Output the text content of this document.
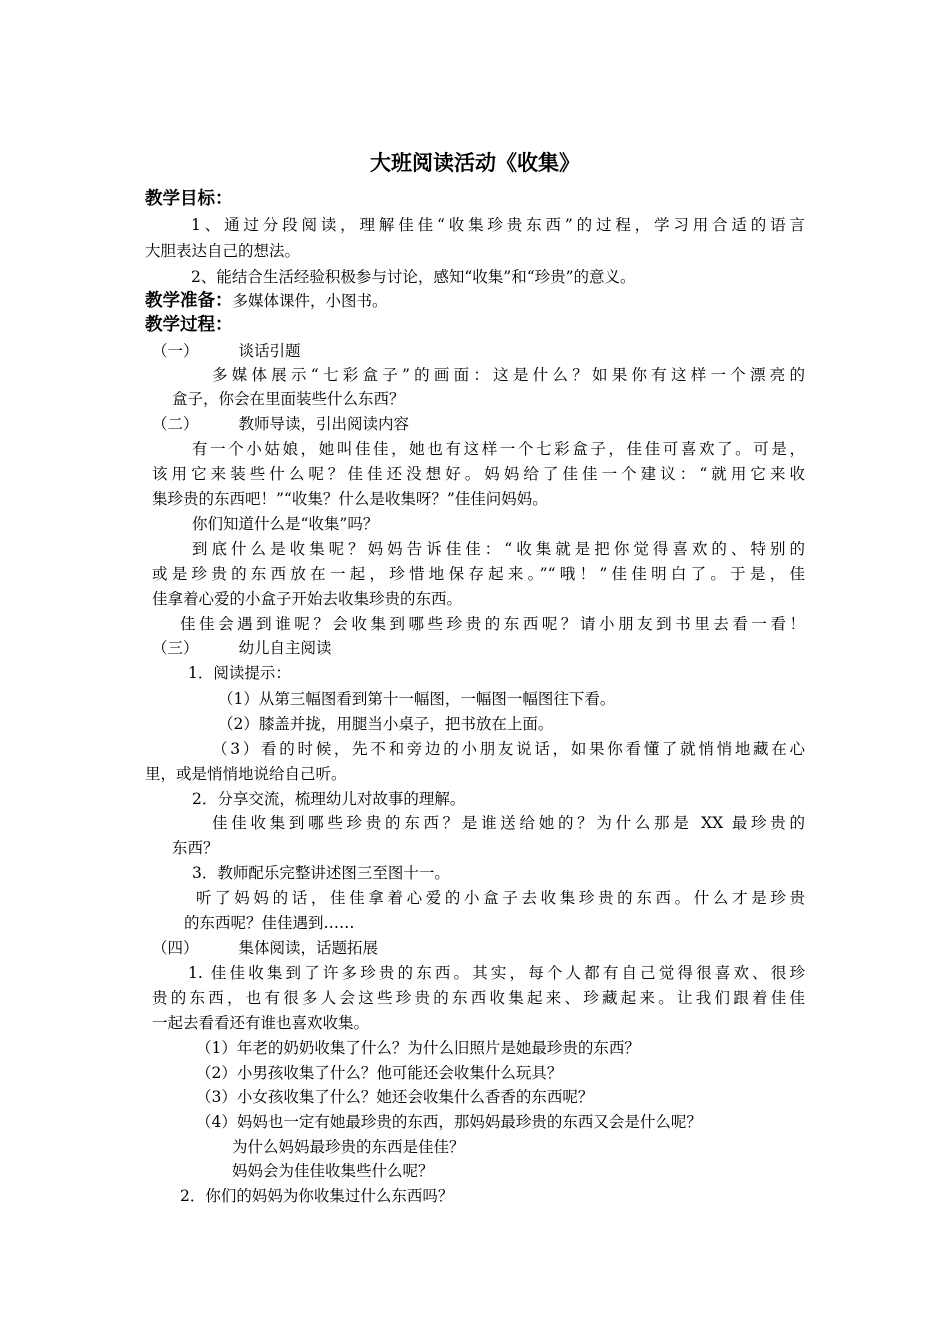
大班阅读活动《收集》
教学目标：
1、通过分段阅读，理解佳佳“收集珍贵东西”的过程，学习用合适的语言
大胆表达自己的想法。
2、能结合生活经验积极参与讨论，感知“收集”和“珍贵”的意义。
教学准备：多媒体课件，小图书。
教学过程：
（一）	谈话引题
多媒体展示“七彩盒子”的画面：这是什么？如果你有这样一个漂亮的
盒子，你会在里面装些什么东西？
（二）	教师导读，引出阅读内容
有一个小姑娘，她叫佳佳，她也有这样一个七彩盒子，佳佳可喜欢了。可是，
该用它来装些什么呢？佳佳还没想好。妈妈给了佳佳一个建议：“就用它来收
集珍贵的东西吧！”“收集？什么是收集呀？”佳佳问妈妈。
你们知道什么是“收集”吗？
到底什么是收集呢？妈妈告诉佳佳：“收集就是把你觉得喜欢的、特别的
或是珍贵的东西放在一起，珍惜地保存起来。”“哦！”佳佳明白了。于是，佳
佳拿着心爱的小盒子开始去收集珍贵的东西。
佳佳会遇到谁呢？会收集到哪些珍贵的东西呢？请小朋友到书里去看一看！
（三）	幼儿自主阅读
1．阅读提示：
（1）从第三幅图看到第十一幅图，一幅图一幅图往下看。
（2）膝盖并拢，用腿当小桌子，把书放在上面。
（3）看的时候，先不和旁边的小朋友说话，如果你看懂了就悄悄地藏在心
里，或是悄悄地说给自己听。
2．分享交流，梳理幼儿对故事的理解。
佳佳收集到哪些珍贵的东西？是谁送给她的？为什么那是 XX 最珍贵的
东西？
3．教师配乐完整讲述图三至图十一。
听了妈妈的话，佳佳拿着心爱的小盒子去收集珍贵的东西。什么才是珍贵
的东西呢？佳佳遇到……
（四）	集体阅读，话题拓展
1. 佳佳收集到了许多珍贵的东西。其实，每个人都有自己觉得很喜欢、很珍
贵的东西，也有很多人会这些珍贵的东西收集起来、珍藏起来。让我们跟着佳佳
一起去看看还有谁也喜欢收集。
（1）年老的奶奶收集了什么？为什么旧照片是她最珍贵的东西？
（2）小男孩收集了什么？他可能还会收集什么玩具？
（3）小女孩收集了什么？她还会收集什么香香的东西呢？
（4）妈妈也一定有她最珍贵的东西，那妈妈最珍贵的东西又会是什么呢？
为什么妈妈最珍贵的东西是佳佳？
妈妈会为佳佳收集些什么呢？
2．你们的妈妈为你收集过什么东西吗？
